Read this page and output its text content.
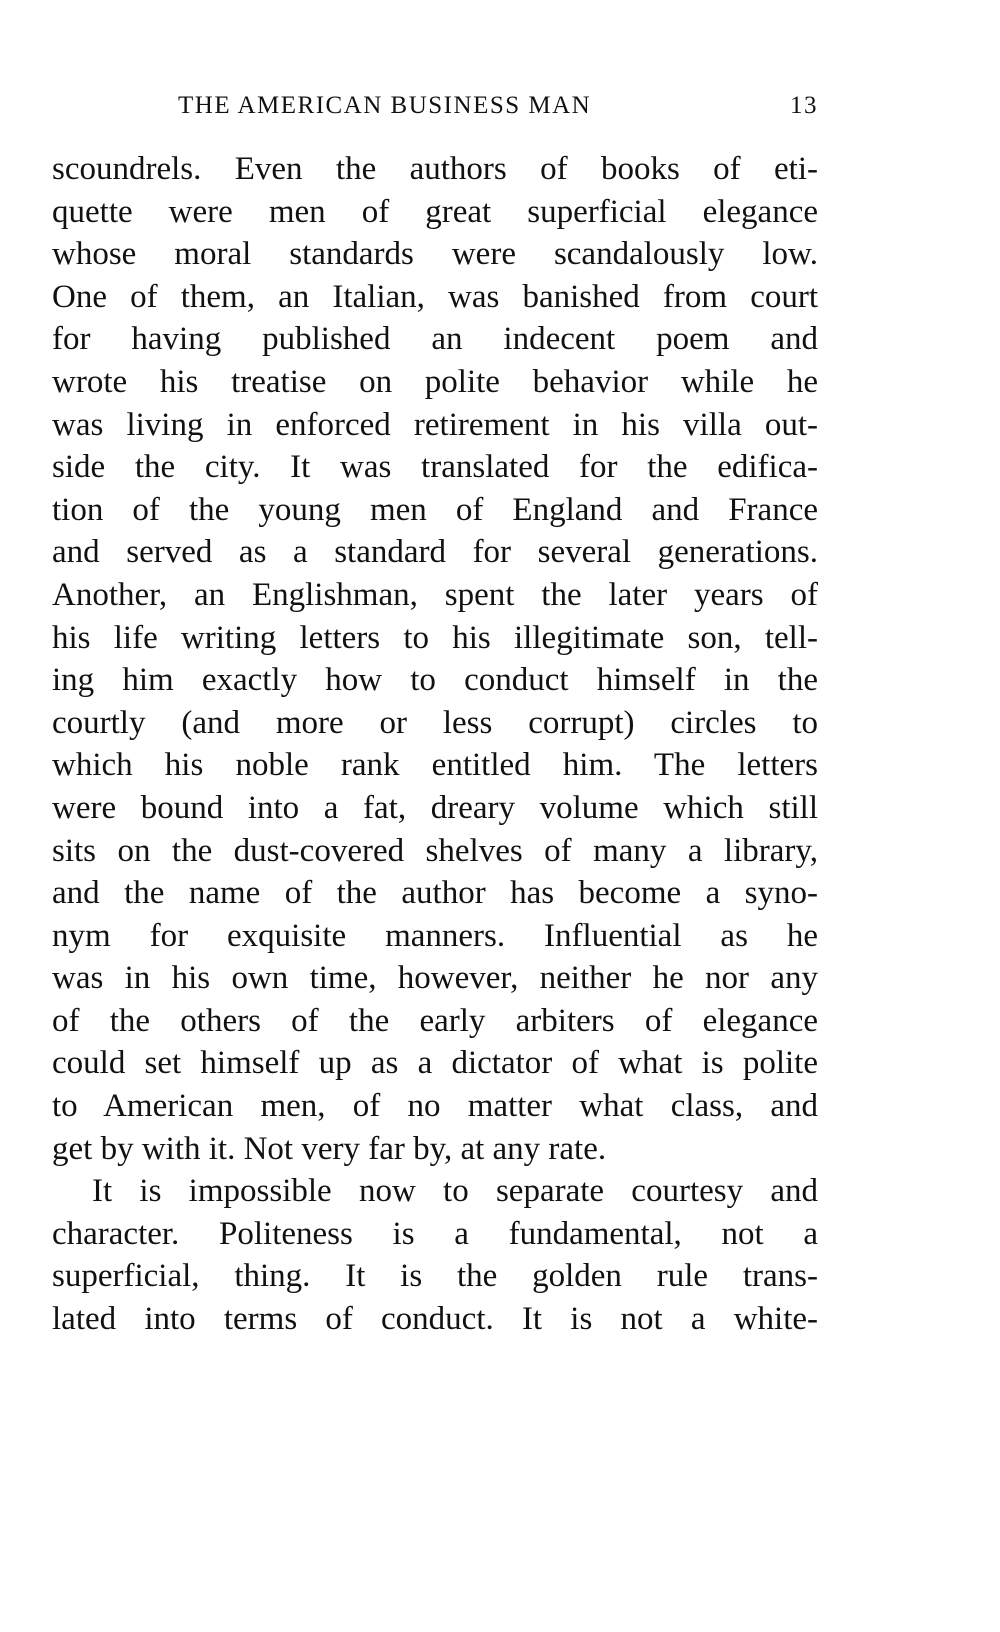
THE AMERICAN BUSINESS MAN	13
scoundrels. Even the authors of books of eti-
quette were men of great superficial elegance
whose moral standards were scandalously low.
One of them, an Italian, was banished from court
for having published an indecent poem and
wrote his treatise on polite behavior while he
was living in enforced retirement in his villa out-
side the city. It was translated for the edifica-
tion of the young men of England and France
and served as a standard for several generations.
Another, an Englishman, spent the later years of
his life writing letters to his illegitimate son, tell-
ing him exactly how to conduct himself in the
courtly (and more or less corrupt) circles to
which his noble rank entitled him. The letters
were bound into a fat, dreary volume which still
sits on the dust-covered shelves of many a library,
and the name of the author has become a syno-
nym for exquisite manners. Influential as he
was in his own time, however, neither he nor any
of the others of the early arbiters of elegance
could set himself up as a dictator of what is polite
to American men, of no matter what class, and
get by with it. Not very far by, at any rate.
It is impossible now to separate courtesy and
character. Politeness is a fundamental, not a
superficial, thing. It is the golden rule trans-
lated into terms of conduct. It is not a white-
